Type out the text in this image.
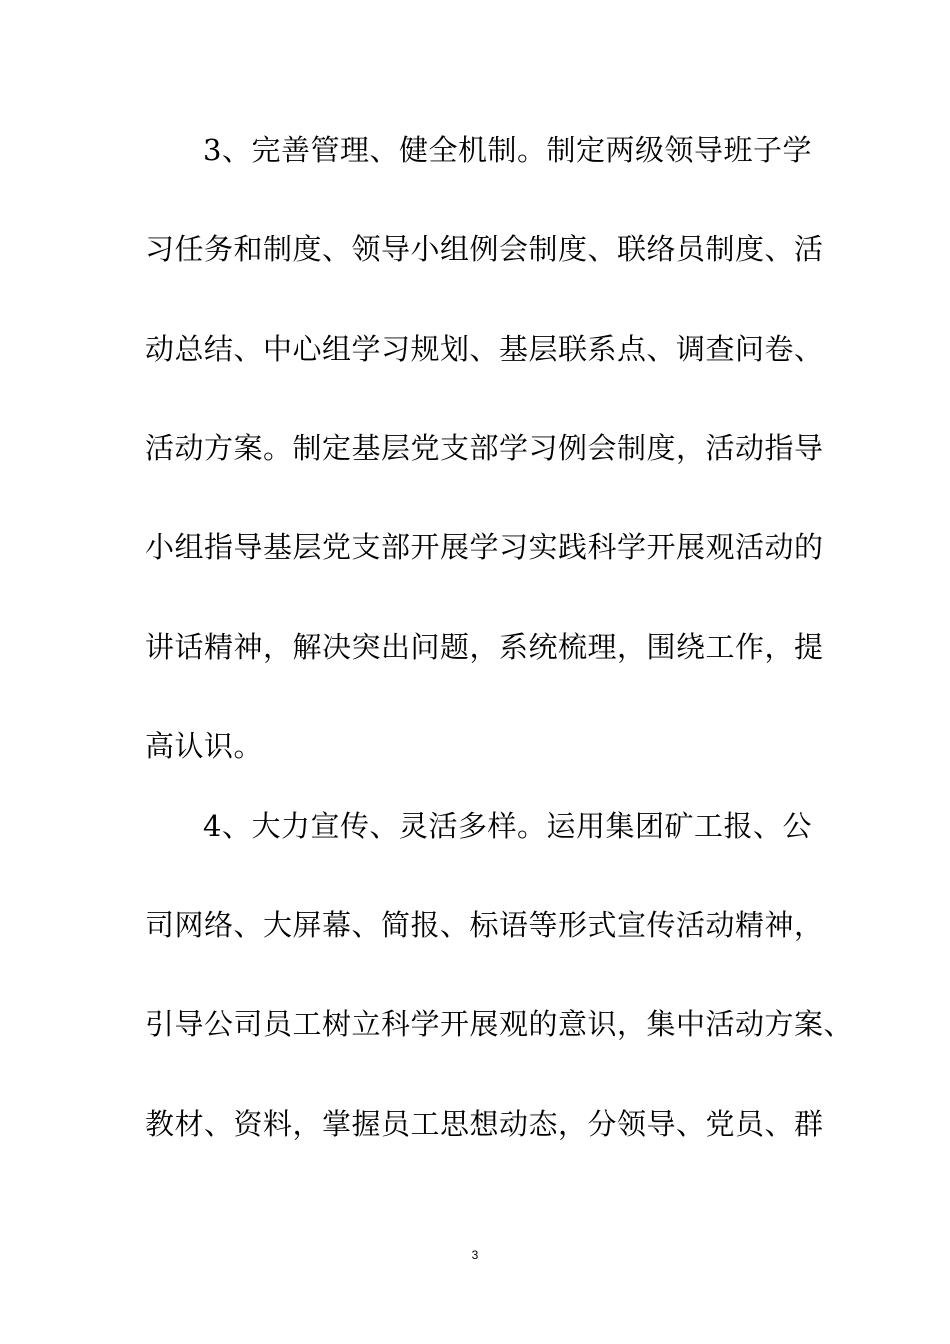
3、完善管理、健全机制。制定两级领导班子学
习任务和制度、领导小组例会制度、联络员制度、活
动总结、中心组学习规划、基层联系点、调查问卷、
活动方案。制定基层党支部学习例会制度，活动指导
小组指导基层党支部开展学习实践科学开展观活动的
讲话精神，解决突出问题，系统梳理，围绕工作，提
高认识。
4、大力宣传、灵活多样。运用集团矿工报、公
司网络、大屏幕、简报、标语等形式宣传活动精神，
引导公司员工树立科学开展观的意识，集中活动方案、
教材、资料，掌握员工思想动态，分领导、党员、群
3
